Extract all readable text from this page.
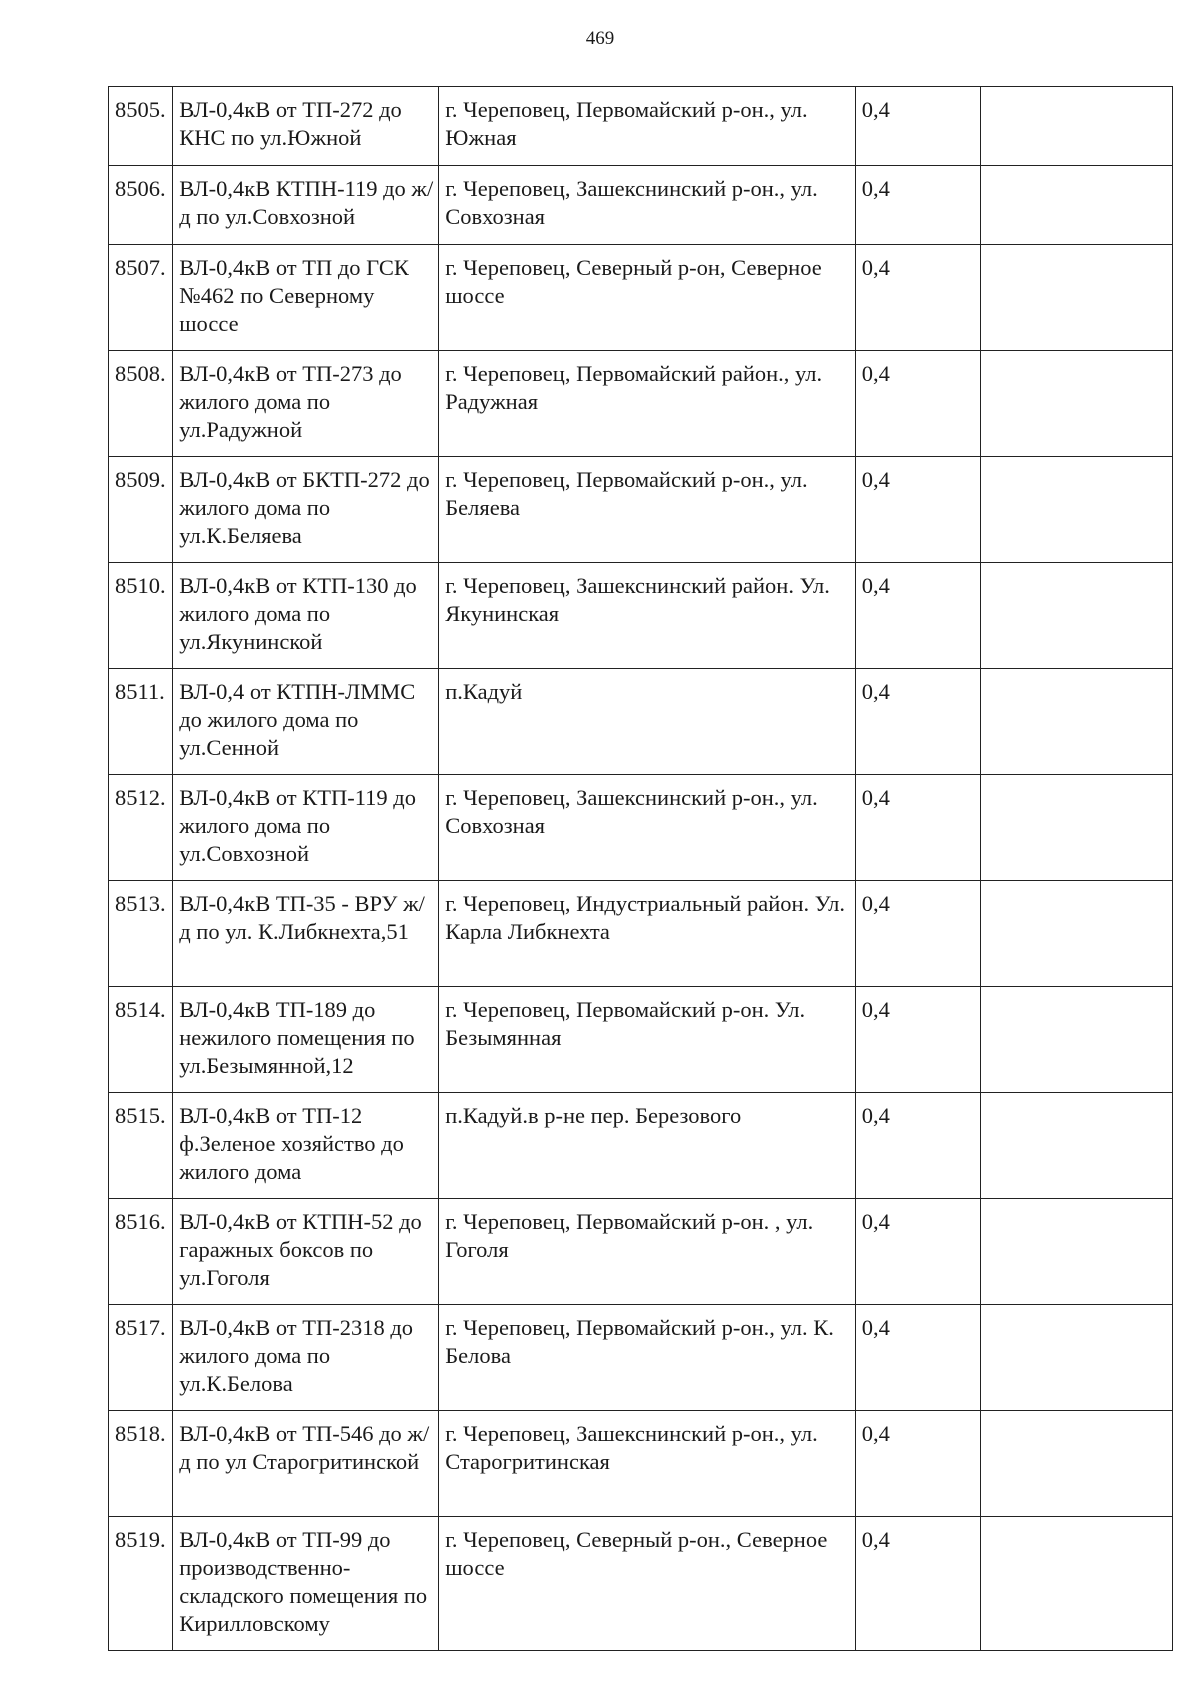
469
8505.	ВЛ-0,4кВ от ТП-272 до КНС по ул.Южной	г. Череповец, Первомайский р-он., ул. Южная	0,4	
8506.	ВЛ-0,4кВ КТПН-119 до ж/д по ул.Совхозной	г. Череповец, Зашекснинский р-он., ул. Совхозная	0,4	
8507.	ВЛ-0,4кВ от ТП до ГСК №462 по Северному шоссе	г. Череповец, Северный р-он, Северное шоссе	0,4	
8508.	ВЛ-0,4кВ от ТП-273 до жилого дома по ул.Радужной	г. Череповец, Первомайский район., ул. Радужная	0,4	
8509.	ВЛ-0,4кВ от БКТП-272 до жилого дома по ул.К.Беляева	г. Череповец, Первомайский р-он., ул. Беляева	0,4	
8510.	ВЛ-0,4кВ от КТП-130 до жилого дома по ул.Якунинской	г. Череповец, Зашекснинский район. Ул. Якунинская	0,4	
8511.	ВЛ-0,4 от КТПН-ЛММС до жилого дома по ул.Сенной	п.Кадуй	0,4	
8512.	ВЛ-0,4кВ от КТП-119 до жилого дома по ул.Совхозной	г. Череповец, Зашекснинский р-он., ул. Совхозная	0,4	
8513.	ВЛ-0,4кВ ТП-35 - ВРУ ж/д по ул. К.Либкнехта,51	г. Череповец, Индустриальный район. Ул. Карла Либкнехта	0,4	
8514.	ВЛ-0,4кВ ТП-189 до нежилого помещения по ул.Безымянной,12	г. Череповец, Первомайский р-он. Ул. Безымянная	0,4	
8515.	ВЛ-0,4кВ от ТП-12 ф.Зеленое хозяйство до жилого дома	п.Кадуй.в р-не пер. Березового	0,4	
8516.	ВЛ-0,4кВ от КТПН-52 до гаражных боксов по ул.Гоголя	г. Череповец, Первомайский р-он. , ул. Гоголя	0,4	
8517.	ВЛ-0,4кВ от ТП-2318 до жилого дома по ул.К.Белова	г. Череповец, Первомайский р-он., ул. К. Белова	0,4	
8518.	ВЛ-0,4кВ от ТП-546 до ж/д по ул Старогритинской	г. Череповец, Зашекснинский р-он., ул. Старогритинская	0,4	
8519.	ВЛ-0,4кВ от ТП-99 до производственно-складского помещения по Кирилловскому	г. Череповец, Северный р-он., Северное шоссе	0,4	
